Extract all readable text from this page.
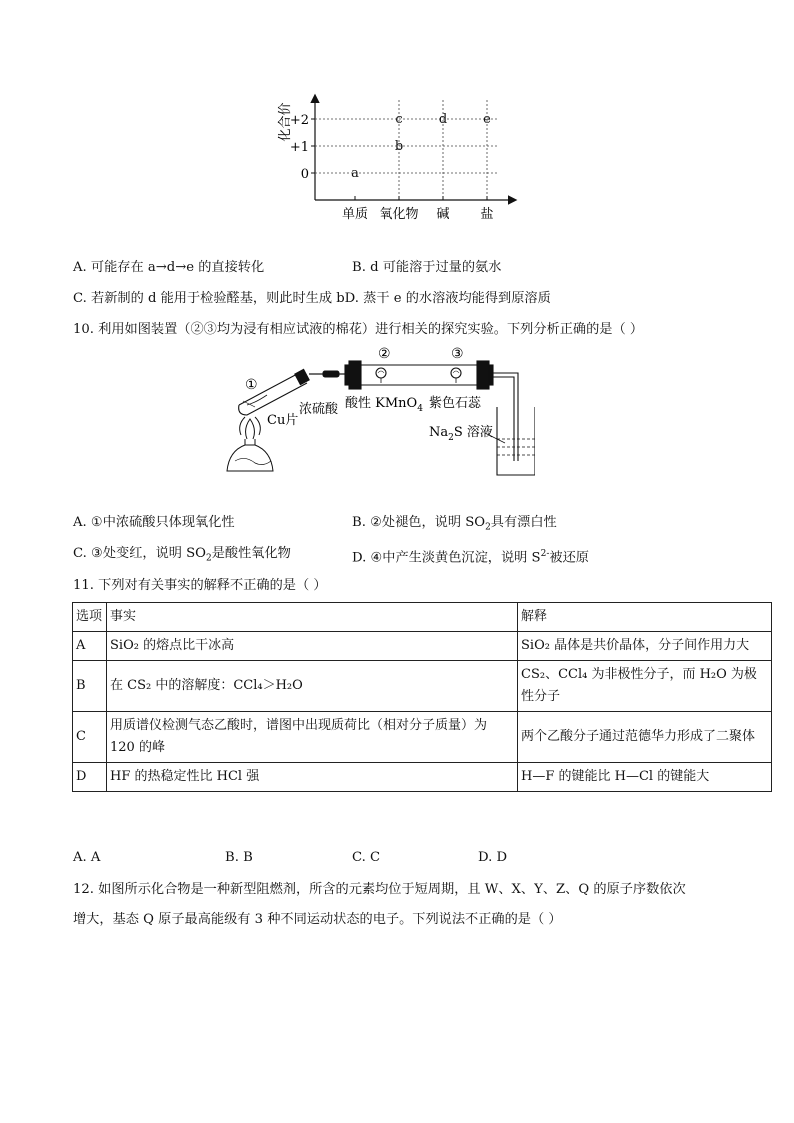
+2
+1
0
单质 氧化物 碱 盐
a
b
c	d	e
化合价
A. 可能存在 a→d→e 的直接转化	B. d 可能溶于过量的氨水
C. 若新制的 d 能用于检验醛基，则此时生成 bD. 蒸干 e 的水溶液均能得到原溶质
10. 利用如图装置（②③均为浸有相应试液的棉花）进行相关的探究实验。下列分析正确的是（ ）
①
②	③
浓硫酸
Cu片
酸性 KMnO$_4$ 紫色石蕊
$Na_2S$ 溶液
A. ①中浓硫酸只体现氧化性	B. ②处褪色，说明 $SO_2$具有漂白性
C. ③处变红，说明 $SO_2$是酸性氧化物	D. ④中产生淡黄色沉淀，说明 $S^{2-}$被还原
11. 下列对有关事实的解释不正确的是（ ）
选项	事实	解释
A	SiO₂ 的熔点比干冰高	SiO₂ 晶体是共价晶体，分子间作用力大
B	在 CS₂ 中的溶解度：CCl₄＞H₂O	CS₂、CCl₄ 为非极性分子，而 H₂O 为极性分子
C	用质谱仪检测气态乙酸时，谱图中出现质荷比（相对分子质量）为 120 的峰	两个乙酸分子通过范德华力形成了二聚体
D	HF 的热稳定性比 HCl 强	H—F 的键能比 H—Cl 的键能大
A. A	B. B	C. C	D. D
12. 如图所示化合物是一种新型阻燃剂，所含的元素均位于短周期，且 W、X、Y、Z、Q 的原子序数依次
增大，基态 Q 原子最高能级有 3 种不同运动状态的电子。下列说法不正确的是（ ）
